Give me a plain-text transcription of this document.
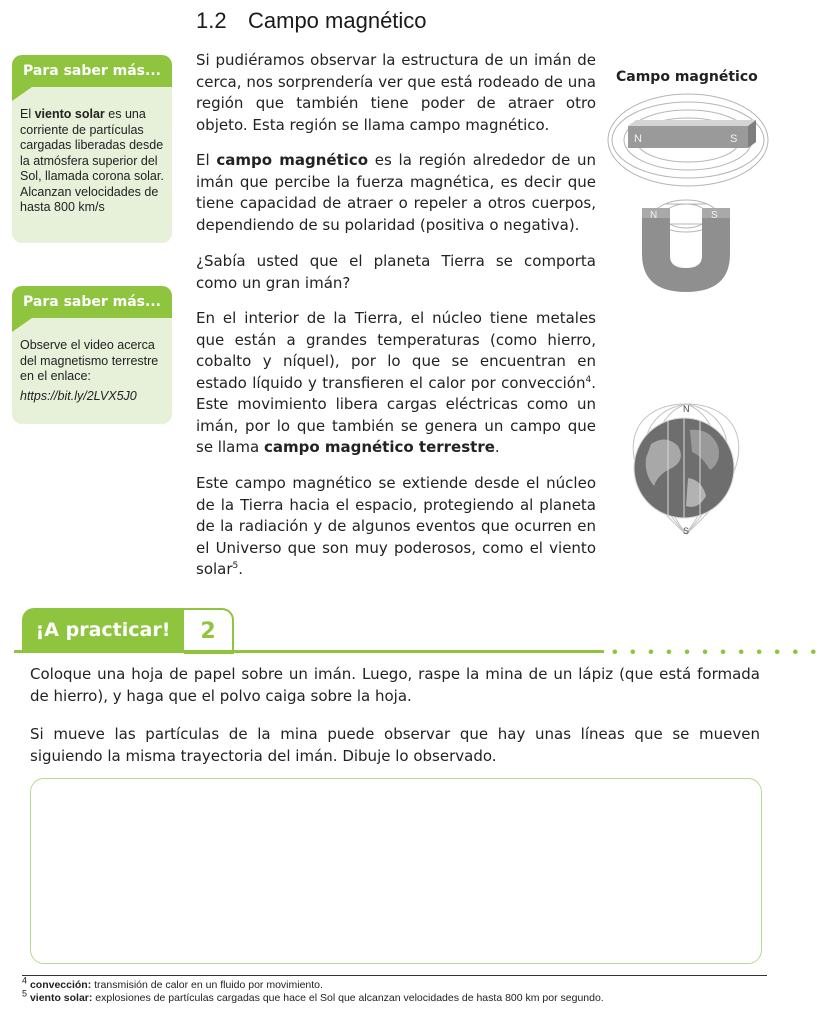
1.2 Campo magnético
Para saber más...
El viento solar es una corriente de partículas cargadas liberadas desde la atmósfera superior del Sol, llamada corona solar. Alcanzan velocidades de hasta 800 km/s
Para saber más...
Observe el video acerca del magnetismo terrestre en el enlace:
https://bit.ly/2LVX5J0

Si pudiéramos observar la estructura de un imán de cerca, nos sorprendería ver que está rodeado de una región que también tiene poder de atraer otro objeto. Esta región se llama campo magnético.

El campo magnético es la región alrededor de un imán que percibe la fuerza magnética, es decir que tiene capacidad de atraer o repeler a otros cuerpos, dependiendo de su polaridad (positiva o negativa).

¿Sabía usted que el planeta Tierra se comporta como un gran imán?

En el interior de la Tierra, el núcleo tiene metales que están a grandes temperaturas (como hierro, cobalto y níquel), por lo que se encuentran en estado líquido y transfieren el calor por convección$^4$. Este movimiento libera cargas eléctricas como un imán, por lo que también se genera un campo que se llama campo magnético terrestre.

Este campo magnético se extiende desde el núcleo de la Tierra hacia el espacio, protegiendo al planeta de la radiación y de algunos eventos que ocurren en el Universo que son muy poderosos, como el viento solar$^5$.

Campo magnético
N	S
N	S
N
S
¡A practicar!	2
• • • • • • • • • • • •

Coloque una hoja de papel sobre un imán. Luego, raspe la mina de un lápiz (que está formada de hierro), y haga que el polvo caiga sobre la hoja.

Si mueve las partículas de la mina puede observar que hay unas líneas que se mueven siguiendo la misma trayectoria del imán. Dibuje lo observado.

$^4$ convección: transmisión de calor en un fluido por movimiento.
$^5$ viento solar: explosiones de partículas cargadas que hace el Sol que alcanzan velocidades de hasta 800 km por segundo.
